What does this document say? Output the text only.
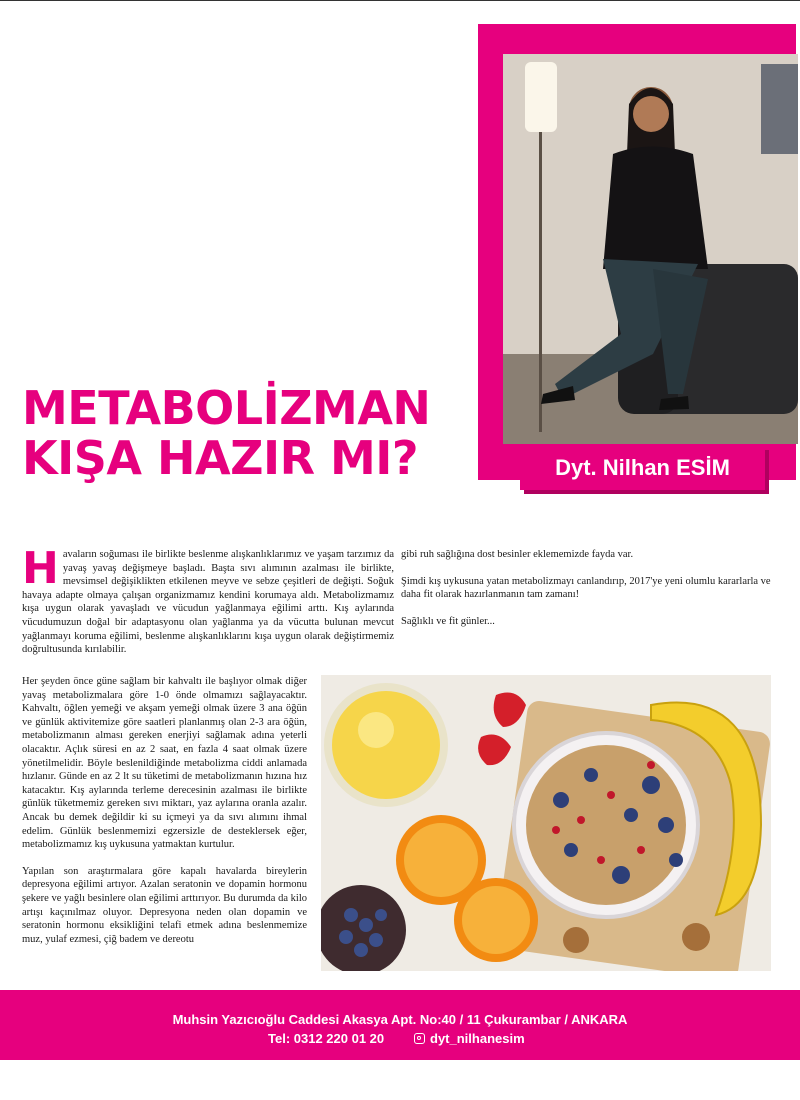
Dyt. Nilhan ESİM
METABOLİZMAN
KIŞA HAZIR MI?

Havaların soğuması ile birlikte beslenme alışkanlıklarımız ve yaşam tarzımız da yavaş yavaş değişmeye başladı. Başta sıvı alımının azalması ile birlikte, mevsimsel değişiklikten etkilenen meyve ve sebze çeşitleri de değişti. Soğuk havaya adapte olmaya çalışan organizmamız kendini korumaya aldı. Metabolizmamız kışa uygun olarak yavaşladı ve vücudun yağlanmaya eğilimi arttı. Kış aylarında vücudumuzun doğal bir adaptasyonu olan yağlanma ya da vücutta bulunan mevcut yağlanmayı koruma eğilimi, beslenme alışkanlıklarını kışa uygun olarak değiştirmemiz doğrultusunda kırılabilir.

gibi ruh sağlığına dost besinler eklememizde fayda var.

Şimdi kış uykusuna yatan metabolizmayı canlandırıp, 2017'ye yeni olumlu kararlarla ve daha fit olarak hazırlanmanın tam zamanı!

Sağlıklı ve fit günler...

Her şeyden önce güne sağlam bir kahvaltı ile başlıyor olmak diğer yavaş metabolizmalara göre 1-0 önde olmamızı sağlayacaktır. Kahvaltı, öğlen yemeği ve akşam yemeği olmak üzere 3 ana öğün ve günlük aktivitemize göre saatleri planlanmış olan 2-3 ara öğün, metabolizmanın alması gereken enerjiyi sağlamak adına yeterli olacaktır. Açlık süresi en az 2 saat, en fazla 4 saat olmak üzere yönetilmelidir. Böyle beslenildiğinde metabolizma ciddi anlamada hızlanır. Günde en az 2 lt su tüketimi de metabolizmanın hızına hız katacaktır. Kış aylarında terleme derecesinin azalması ile birlikte günlük tüketmemiz gereken sıvı miktarı, yaz aylarına oranla azalır. Ancak bu demek değildir ki su içmeyi ya da sıvı alımını ihmal edelim. Günlük beslenmemizi egzersizle de desteklersek eğer, metabolizmamız kış uykusuna yatmaktan kurtulur.

Yapılan son araştırmalara göre kapalı havalarda bireylerin depresyona eğilimi artıyor. Azalan seratonin ve dopamin hormonu şekere ve yağlı besinlere olan eğilimi arttırıyor. Bu durumda da kilo artışı kaçınılmaz oluyor. Depresyona neden olan dopamin ve seratonin hormonu eksikliğini telafi etmek adına beslenmemize muz, yulaf ezmesi, çiğ badem ve dereotu

Muhsin Yazıcıoğlu Caddesi Akasya Apt. No:40 / 11 Çukurambar / ANKARA
Tel: 0312 220 01 20	dyt_nilhanesim
